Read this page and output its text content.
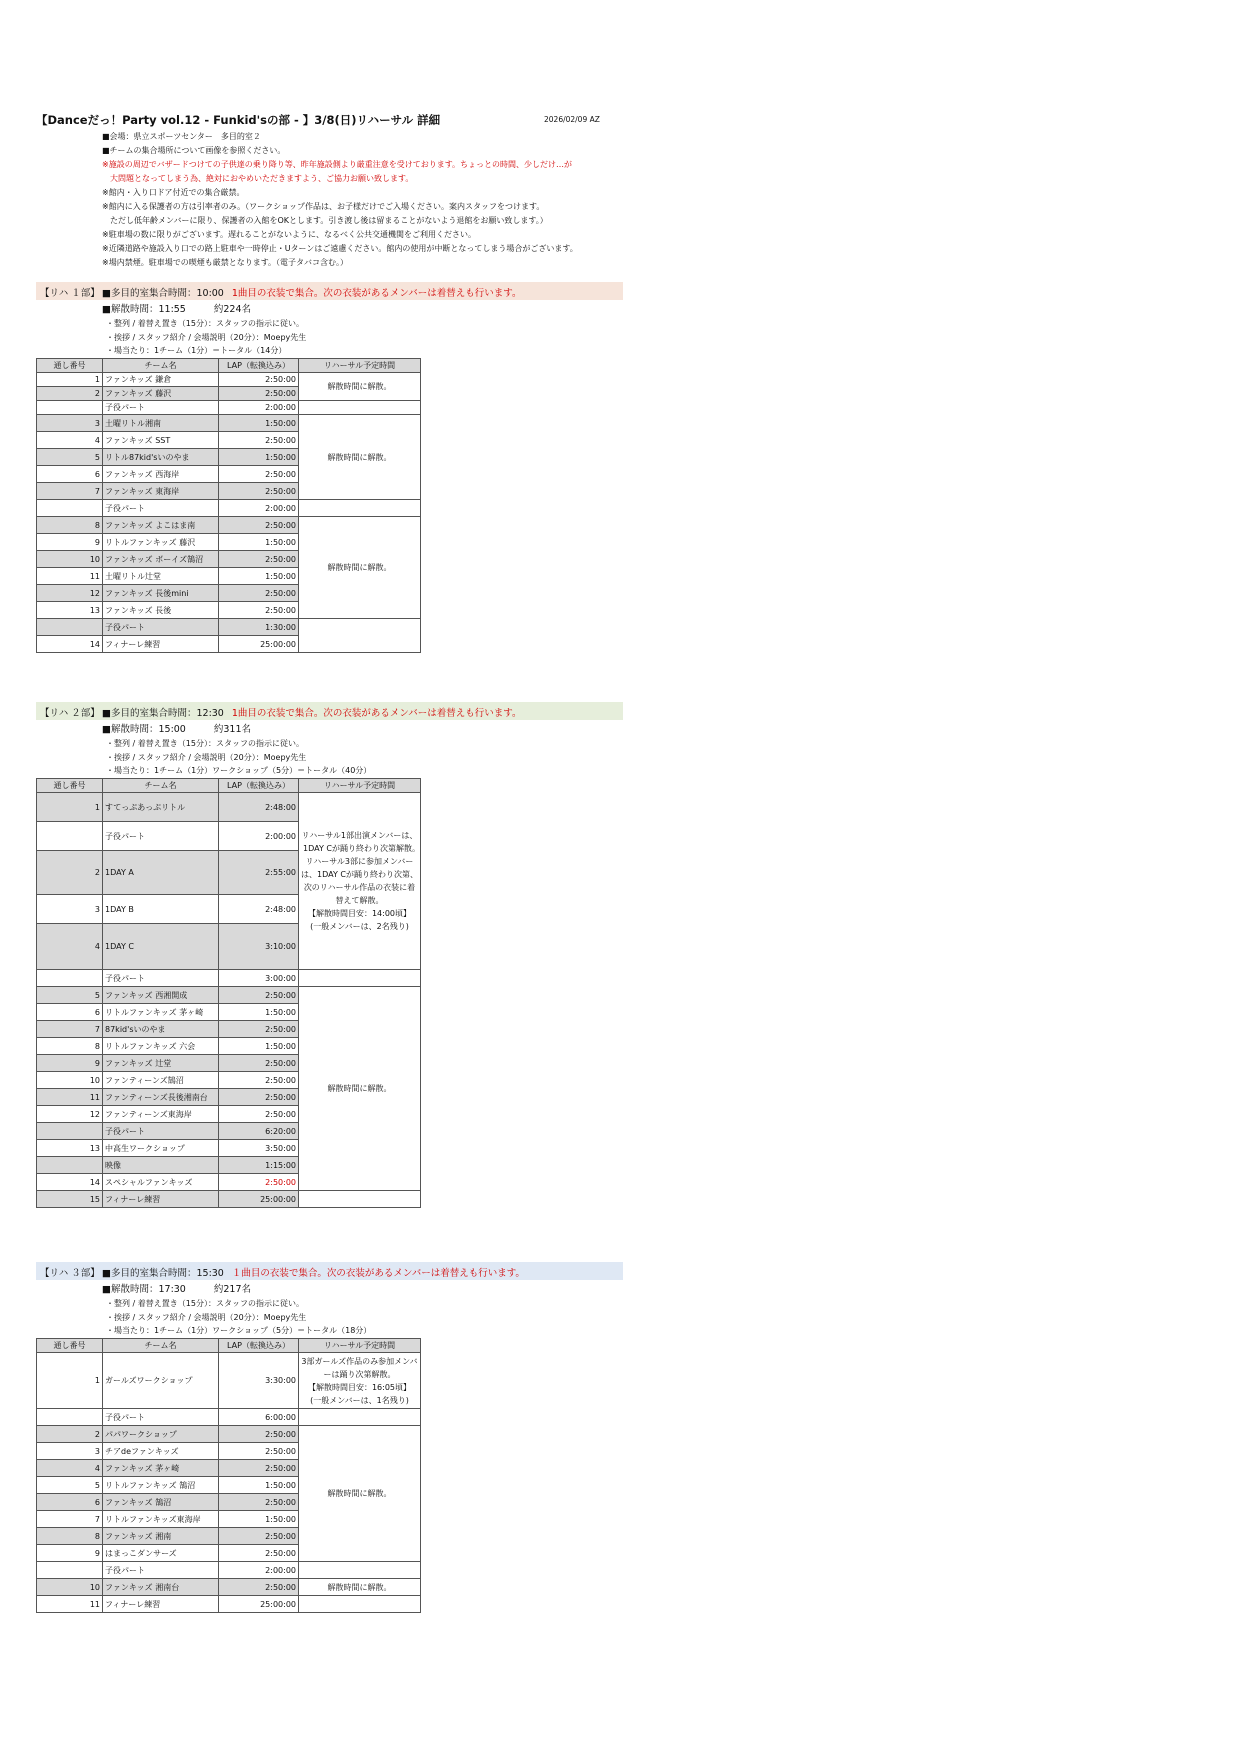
【Danceだっ！Party vol.12 - Funkid'sの部 - 】3/8(日)リハーサル 詳細	2026/02/09 AZ
■会場：県立スポーツセンター　多目的室２
■チームの集合場所について画像を参照ください。
※施設の周辺でバザードつけての子供達の乗り降り等、昨年施設側より厳重注意を受けております。ちょっとの時間、少しだけ…が
大問題となってしまう為、絶対におやめいただきますよう、ご協力お願い致します。
※館内・入り口ドア付近での集合厳禁。
※館内に入る保護者の方は引率者のみ。（ワークショップ作品は、お子様だけでご入場ください。案内スタッフをつけます。
ただし低年齢メンバーに限り、保護者の入館をOKとします。引き渡し後は留まることがないよう退館をお願い致します。）
※駐車場の数に限りがございます。遅れることがないように、なるべく公共交通機関をご利用ください。
※近隣道路や施設入り口での路上駐車や一時停止・Uターンはご遠慮ください。館内の使用が中断となってしまう場合がございます。
※場内禁煙。駐車場での喫煙も厳禁となります。（電子タバコ含む。）
【リハ １部】 ■多目的室集合時間：10:00 1曲目の衣装で集合。次の衣装があるメンバーは着替えも行います。
■解散時間：11:55	約224名
・整列 / 着替え置き（15分）：スタッフの指示に従い。
・挨拶 / スタッフ紹介 / 会場説明（20分）：Moepy先生
・場当たり：1チーム（1分）＝トータル（14分）
通し番号	チーム名	LAP（転換込み）	リハーサル予定時間
1	ファンキッズ 鎌倉	2:50:00	解散時間に解散。
2	ファンキッズ 藤沢	2:50:00	
	子役パート	2:00:00	
3	土曜リトル湘南	1:50:00	解散時間に解散。
4	ファンキッズ SST	2:50:00	
5	リトル87kid'sいのやま	1:50:00	
6	ファンキッズ 西海岸	2:50:00	
7	ファンキッズ 東海岸	2:50:00	
	子役パート	2:00:00	
8	ファンキッズ よこはま南	2:50:00	解散時間に解散。
9	リトルファンキッズ 藤沢	1:50:00	
10	ファンキッズ ボーイズ鵠沼	2:50:00	
11	土曜リトル辻堂	1:50:00	
12	ファンキッズ 長後mini	2:50:00	
13	ファンキッズ 長後	2:50:00	
	子役パート	1:30:00	
14	フィナーレ練習	25:00:00	
【リハ ２部】 ■多目的室集合時間：12:30 1曲目の衣装で集合。次の衣装があるメンバーは着替えも行います。
■解散時間：15:00	約311名
・整列 / 着替え置き（15分）：スタッフの指示に従い。
・挨拶 / スタッフ紹介 / 会場説明（20分）：Moepy先生
・場当たり：1チーム（1分）ワークショップ（5分）＝トータル（40分）
通し番号	チーム名	LAP（転換込み）	リハーサル予定時間
1	すてっぷあっぷリトル	2:48:00	リハーサル1部出演メンバーは、1DAY Cが踊り終わり次第解散。　　　リハーサル3部に参加メンバーは、1DAY Cが踊り終わり次第、次のリハーサル作品の衣装に着替えて解散。
【解散時間目安：14:00頃】
(一般メンバーは、2名残り)

	子役パート	2:00:00	
2	1DAY A	2:55:00	
3	1DAY B	2:48:00	
4	1DAY C	3:10:00	
	子役パート	3:00:00	
5	ファンキッズ 西湘開成	2:50:00	解散時間に解散。
6	リトルファンキッズ 茅ヶ崎	1:50:00	
7	87kid'sいのやま	2:50:00	
8	リトルファンキッズ 六会	1:50:00	
9	ファンキッズ 辻堂	2:50:00	
10	ファンティーンズ鵠沼	2:50:00	
11	ファンティーンズ長後湘南台	2:50:00	
12	ファンティーンズ東海岸	2:50:00	
	子役パート	6:20:00	
13	中高生ワークショップ	3:50:00	
	映像	1:15:00	
14	スペシャルファンキッズ	2:50:00	
15	フィナーレ練習	25:00:00	
【リハ ３部】 ■多目的室集合時間：15:30 １曲目の衣装で集合。次の衣装があるメンバーは着替えも行います。
■解散時間：17:30	約217名
・整列 / 着替え置き（15分）：スタッフの指示に従い。
・挨拶 / スタッフ紹介 / 会場説明（20分）：Moepy先生
・場当たり：1チーム（1分）ワークショップ（5分）＝トータル（18分）
通し番号	チーム名	LAP（転換込み）	リハーサル予定時間
1	ガールズワークショップ	3:30:00	3部ガールズ作品のみ参加メンバーは踊り次第解散。
【解散時間目安：16:05頃】
(一般メンバーは、1名残り)

	子役パート	6:00:00	
2	パパワークショップ	2:50:00	解散時間に解散。
3	チアdeファンキッズ	2:50:00	
4	ファンキッズ 茅ヶ崎	2:50:00	
5	リトルファンキッズ 鵠沼	1:50:00	
6	ファンキッズ 鵠沼	2:50:00	
7	リトルファンキッズ東海岸	1:50:00	
8	ファンキッズ 湘南	2:50:00	
9	はまっこダンサーズ	2:50:00	
	子役パート	2:00:00	
10	ファンキッズ 湘南台	2:50:00	解散時間に解散。
11	フィナーレ練習	25:00:00	
